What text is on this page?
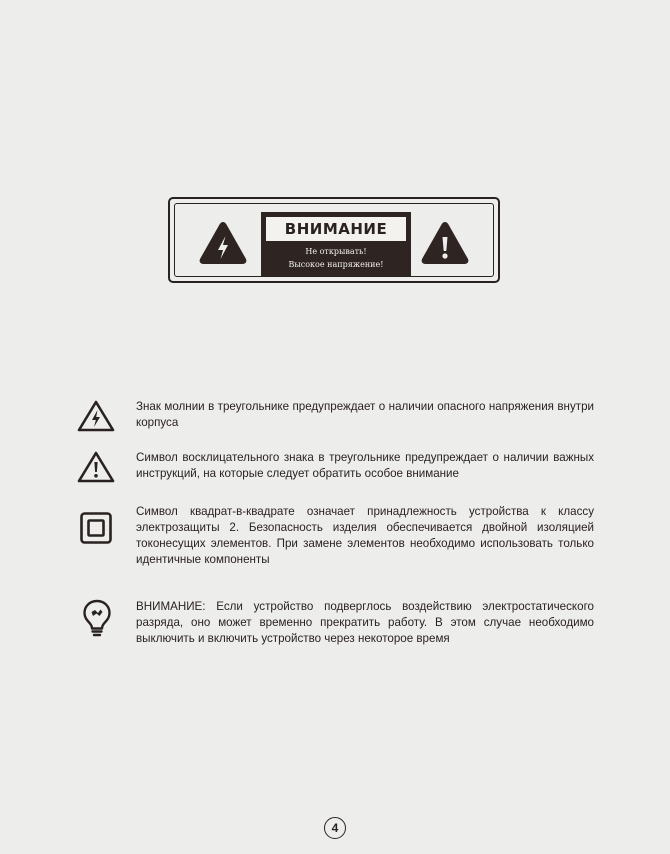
ВНИМАНИЕ
Не открывать!
Высокое напряжение!
Знак молнии в треугольнике предупреждает о наличии опасного напряжения внутри корпуса
Символ восклицательного знака в треугольнике предупреждает о наличии важных инструкций, на которые следует обратить особое внимание
Символ квадрат-в-квадрате означает принадлежность устройства к классу электрозащиты 2. Безопасность изделия обеспечивается двойной изоляцией токонесущих элементов. При замене элементов необходимо использовать только идентичные компоненты
ВНИМАНИЕ: Если устройство подверглось воздействию электростатического разряда, оно может временно прекратить работу. В этом случае необходимо выключить и включить устройство через некоторое время
4
